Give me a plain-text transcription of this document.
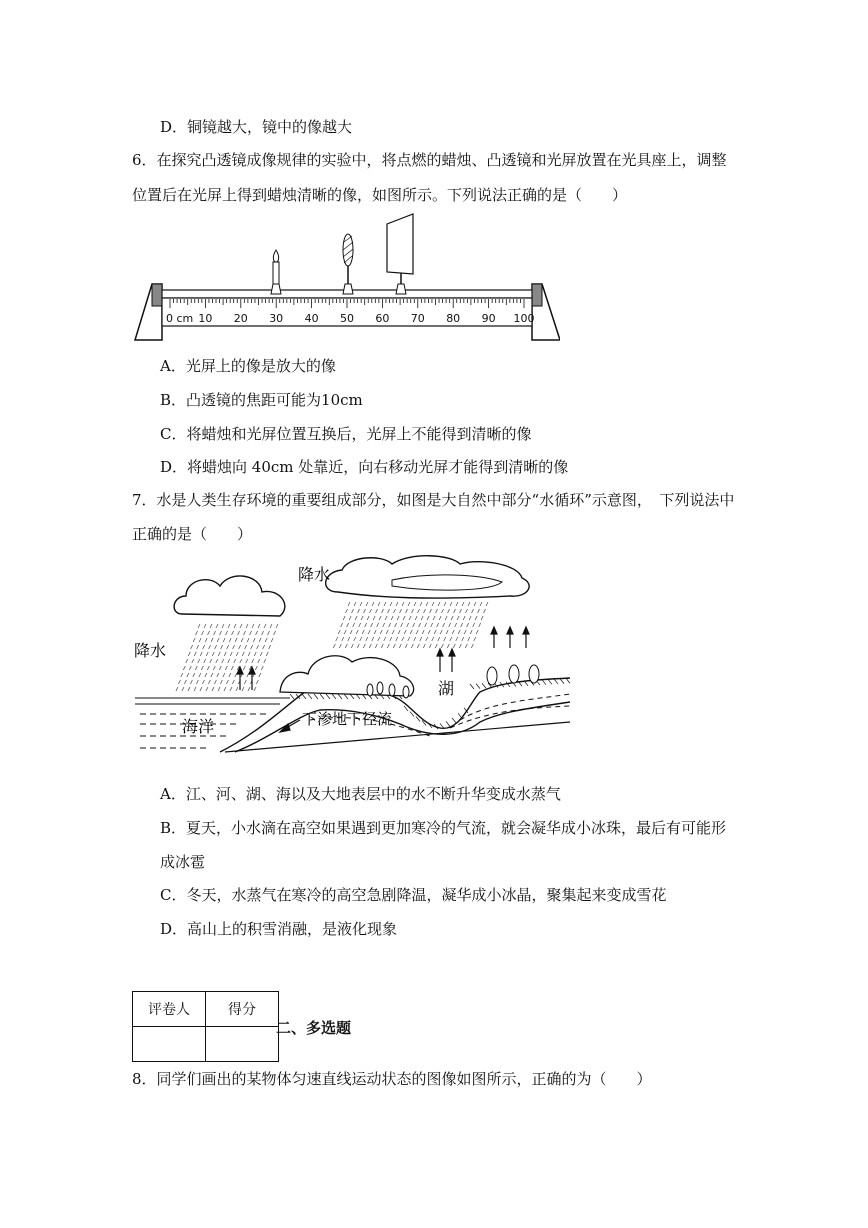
D．铜镜越大，镜中的像越大
6．在探究凸透镜成像规律的实验中，将点燃的蜡烛、凸透镜和光屏放置在光具座上，调整
位置后在光屏上得到蜡烛清晰的像，如图所示。下列说法正确的是（　　）
0 cm 10 20 30 40 50 60 70 80 90 100
A．光屏上的像是放大的像
B．凸透镜的焦距可能为10cm
C．将蜡烛和光屏位置互换后，光屏上不能得到清晰的像
D．将蜡烛向 40cm 处靠近，向右移动光屏才能得到清晰的像
7．水是人类生存环境的重要组成部分，如图是大自然中部分“水循环”示意图，　下列说法中
正确的是（　　）
降水
降水
湖
海洋	下渗地下径流
A．江、河、湖、海以及大地表层中的水不断升华变成水蒸气
B．夏天，小水滴在高空如果遇到更加寒冷的气流，就会凝华成小冰珠，最后有可能形
成冰雹
C．冬天，水蒸气在寒冷的高空急剧降温，凝华成小冰晶，聚集起来变成雪花
D．高山上的积雪消融，是液化现象
评卷人	得分

二、多选题
8．同学们画出的某物体匀速直线运动状态的图像如图所示，正确的为（　　）
